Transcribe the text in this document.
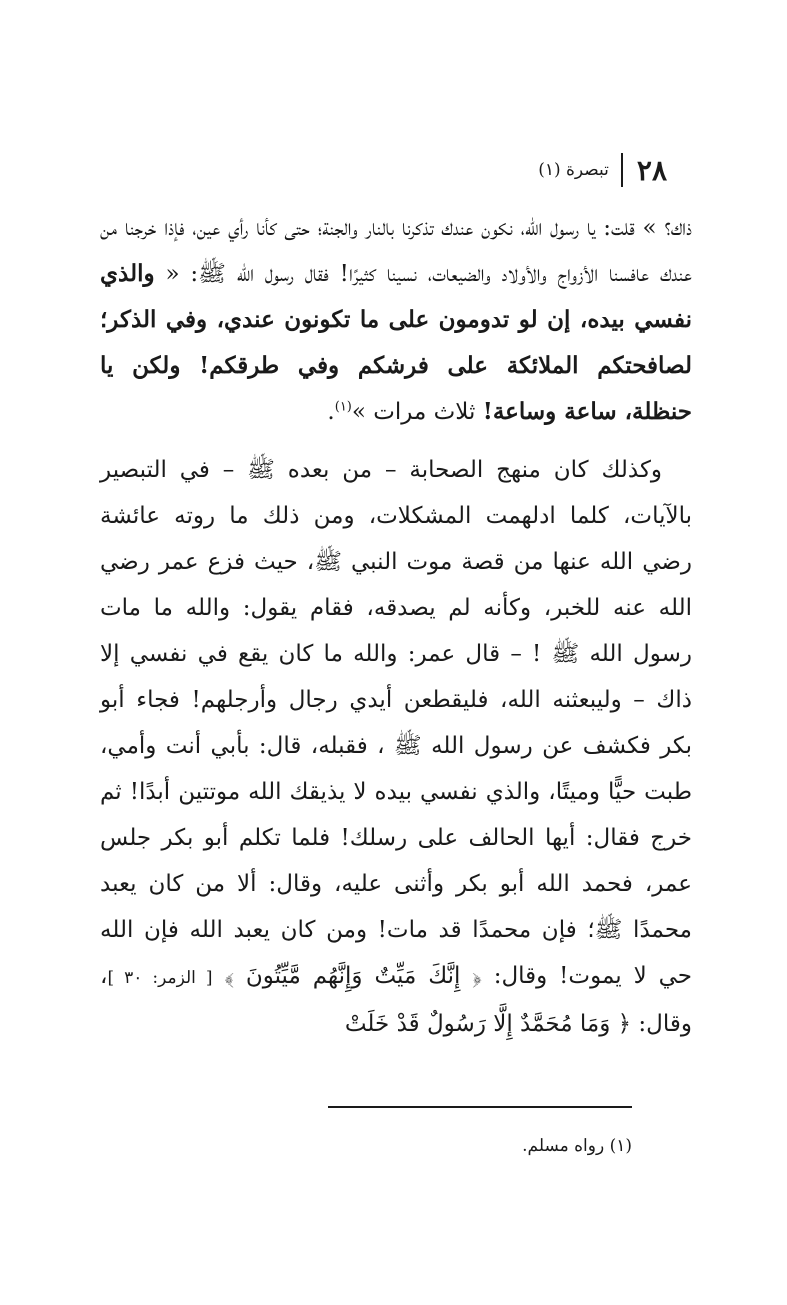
٢٨
تبصرة (١)

ذاك؟ » قلت: يا رسول الله، نكون عندك تذكرنا بالنار والجنة؛ حتى كأنا رأي عين، فإذا خرجنا من عندك عافسنا الأزواج والأولاد والضيعات، نسينا كثيرًا! فقال رسول الله ﷺ: « والذي نفسي بيده، إن لو تدومون على ما تكونون عندي، وفي الذكر؛ لصافحتكم الملائكة على فرشكم وفي طرقكم! ولكن يا حنظلة، ساعة وساعة! ثلاث مرات »$^{(١)}$.

وكذلك كان منهج الصحابة – من بعده ﷺ – في التبصير بالآيات، كلما ادلهمت المشكلات، ومن ذلك ما روته عائشة رضي الله عنها من قصة موت النبي ﷺ، حيث فزع عمر رضي الله عنه للخبر، وكأنه لم يصدقه، فقام يقول: والله ما مات رسول الله ﷺ ! – قال عمر: والله ما كان يقع في نفسي إلا ذاك – وليبعثنه الله، فليقطعن أيدي رجال وأرجلهم! فجاء أبو بكر فكشف عن رسول الله ﷺ ، فقبله، قال: بأبي أنت وأمي، طبت حيًّا وميتًا، والذي نفسي بيده لا يذيقك الله موتتين أبدًا! ثم خرج فقال: أيها الحالف على رسلك! فلما تكلم أبو بكر جلس عمر، فحمد الله أبو بكر وأثنى عليه، وقال: ألا من كان يعبد محمدًا ﷺ؛ فإن محمدًا قد مات! ومن كان يعبد الله فإن الله حي لا يموت! وقال: ﴿ إِنَّكَ مَيِّتٌ وَإِنَّهُم مَّيِّتُونَ ﴾ [ الزمر: ٣٠ ]، وقال: ﴿ وَمَا مُحَمَّدٌ إِلَّا رَسُولٌ قَدْ خَلَتْ

(١) رواه مسلم.
